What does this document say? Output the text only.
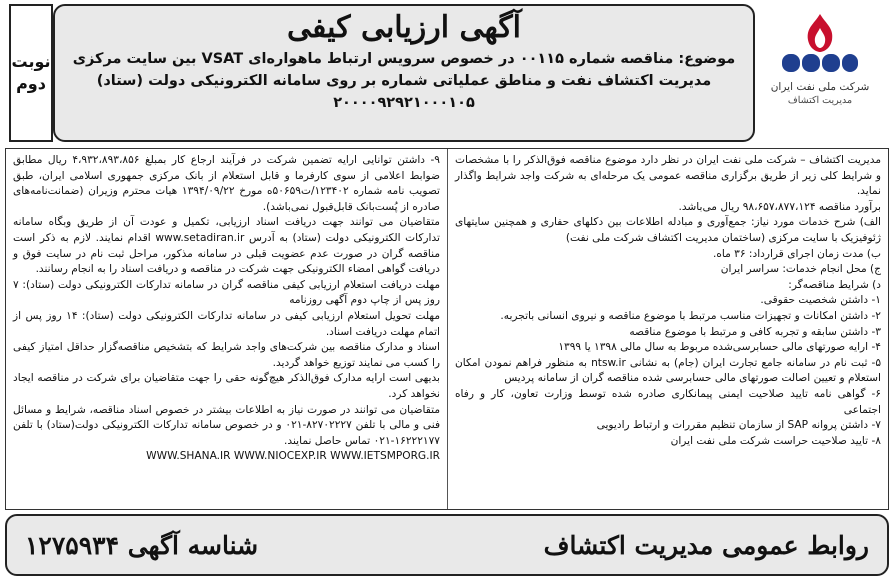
شرکت ملی نفت ایران
مدیریت اکتشاف
آگهی ارزیابی کیفی
موضوع: مناقصه شماره ۰۰۱۱۵ در خصوص سرویس ارتباط ماهواره‌ای VSAT بین سایت مرکزی
مدیریت اکتشاف نفت و مناطق عملیاتی شماره بر روی سامانه الکترونیکی دولت (ستاد) ۲۰۰۰۰۹۲۹۲۱۰۰۰۱۰۵
نوبت
دوم

مدیریت اکتشاف – شرکت ملی نفت ایران در نظر دارد موضوع مناقصه فوق‌الذکر را با مشخصات و شرایط کلی زیر از طریق برگزاری مناقصه عمومی یک مرحله‌ای به شرکت واجد شرایط واگذار نماید.

برآورد مناقصه ۹۸،۶۵۷،۸۷۷،۱۲۴ ریال می‌باشد.

الف) شرح خدمات مورد نیاز: جمع‌آوری و مبادله اطلاعات بین دکلهای حفاری و همچنین سایتهای ژئوفیزیک با سایت مرکزی (ساختمان مدیریت اکتشاف شرکت ملی نفت)

ب) مدت زمان اجرای قرارداد: ۳۶ ماه.

ج) محل انجام خدمات: سراسر ایران

د) شرایط مناقصه‌گر:

۱- داشتن شخصیت حقوقی.

۲- داشتن امکانات و تجهیزات مناسب مرتبط با موضوع مناقصه و نیروی انسانی باتجربه.

۳- داشتن سابقه و تجربه کافی و مرتبط با موضوع مناقصه

۴- ارایه صورتهای مالی حسابرسی‌شده مربوط به سال مالی ۱۳۹۸ یا ۱۳۹۹

۵- ثبت نام در سامانه جامع تجارت ایران (جام) به نشانی ntsw.ir به منظور فراهم نمودن امکان استعلام و تعیین اصالت صورتهای مالی حسابرسی شده مناقصه گران از سامانه پردیس

۶- گواهی نامه تایید صلاحیت ایمنی پیمانکاری صادره شده توسط وزارت تعاون، کار و رفاه اجتماعی

۷- داشتن پروانه SAP از سازمان تنظیم مقررات و ارتباط رادیویی

۸- تایید صلاحیت حراست شرکت ملی نفت ایران

۹- داشتن توانایی ارایه تضمین شرکت در فرآیند ارجاع کار بمبلغ ۴،۹۳۲،۸۹۳،۸۵۶ ریال مطابق ضوابط اعلامی از سوی کارفرما و قابل استعلام از بانک مرکزی جمهوری اسلامی ایران، طبق تصویب نامه شماره ۱۲۳۴۰۲/ت۵۰۶۵۹ه مورخ ۱۳۹۴/۰۹/۲۲ هیات محترم وزیران (ضمانت‌نامه‌های صادره از پُست‌بانک قابل‌قبول نمی‌باشد).

متقاضیان می توانند جهت دریافت اسناد ارزیابی، تکمیل و عودت آن از طریق وبگاه سامانه تدارکات الکترونیکی دولت (ستاد) به آدرس www.setadiran.ir اقدام نمایند. لازم به ذکر است مناقصه گران در صورت عدم عضویت قبلی در سامانه مذکور، مراحل ثبت نام در سایت فوق و دریافت گواهی امضاء الکترونیکی جهت شرکت در مناقصه و دریافت اسناد را به انجام رسانند.

مهلت دریافت استعلام ارزیابی کیفی مناقصه گران در سامانه تدارکات الکترونیکی دولت (ستاد): ۷ روز پس از چاپ دوم آگهی روزنامه

مهلت تحویل استعلام ارزیابی کیفی در سامانه تدارکات الکترونیکی دولت (ستاد): ۱۴ روز پس از اتمام مهلت دریافت اسناد.

اسناد و مدارک مناقصه بین شرکت‌های واجد شرایط که بتشخیص مناقصه‌گزار حداقل امتیاز کیفی را کسب می نمایند توزیع خواهد گردید.

بدیهی است ارایه مدارک فوق‌الذکر هیچ‌گونه حقی را جهت متقاضیان برای شرکت در مناقصه ایجاد نخواهد کرد.

متقاضیان می توانند در صورت نیاز به اطلاعات بیشتر در خصوص اسناد مناقصه، شرایط و مسائل فنی و مالی با تلفن ۸۲۷۰۲۲۲۷-۰۲۱ و در خصوص سامانه تدارکات الکترونیکی دولت(ستاد) با تلفن ۱۶۲۲۲۱۷۷-۰۲۱ تماس حاصل نمایند.

WWW.SHANA.IR WWW.NIOCEXP.IR WWW.IETSMPORG.IR

روابط عمومی مدیریت اکتشاف
شناسه آگهی ۱۲۷۵۹۳۴
